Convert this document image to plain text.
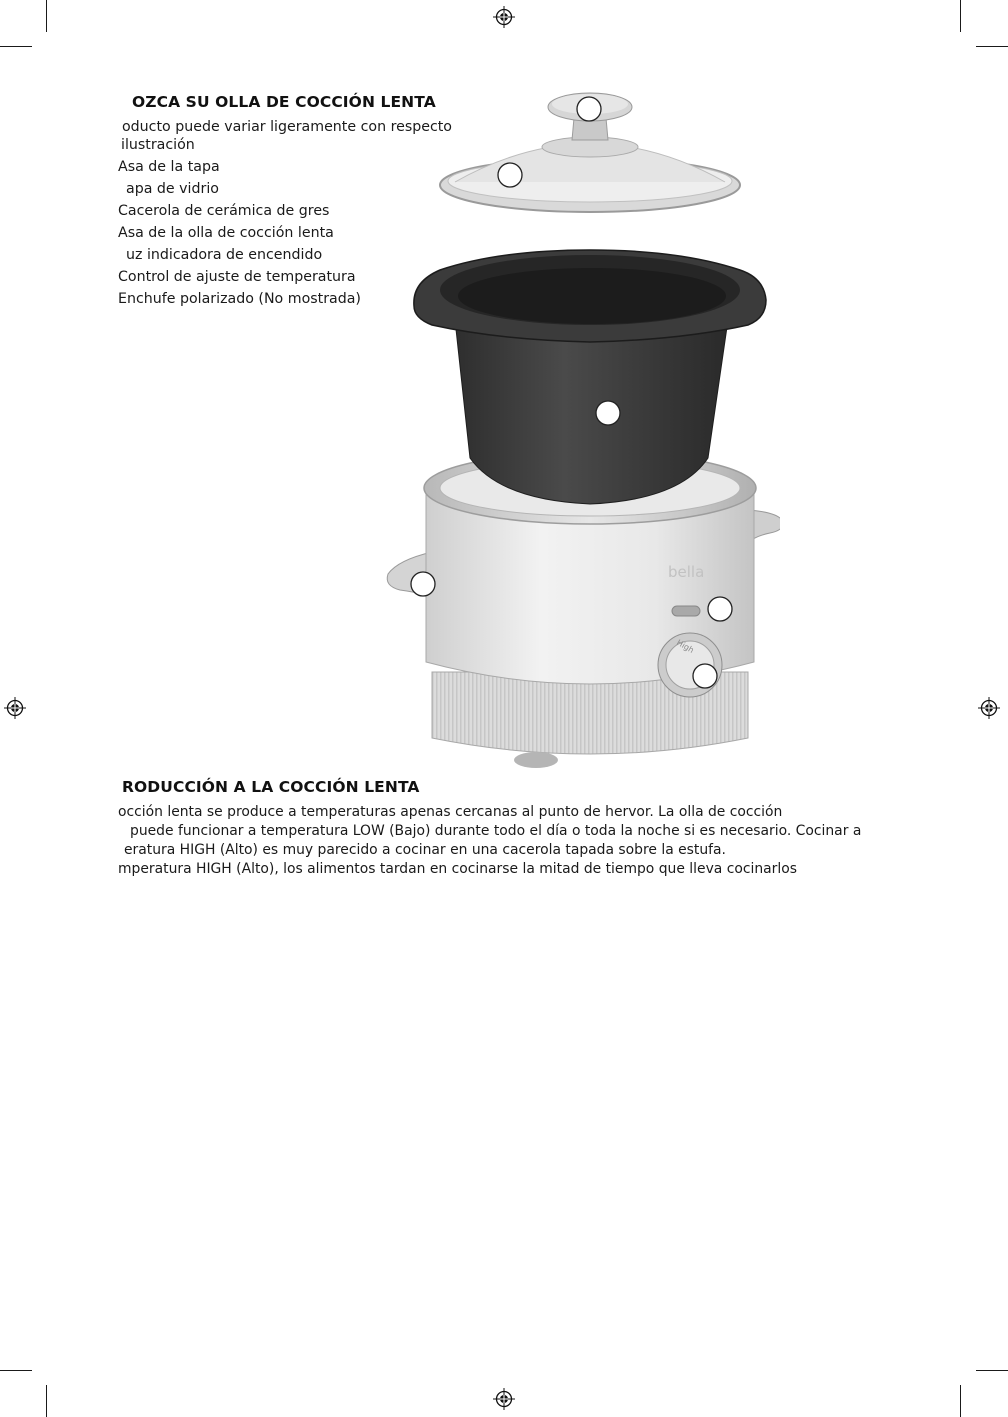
OZCA SU OLLA DE COCCIÓN LENTA
oducto puede variar ligeramente con respecto
ilustración
Asa de la tapa
apa de vidrio
Cacerola de cerámica de gres
Asa de la olla de cocción lenta
uz indicadora de encendido
Control de ajuste de temperatura
Enchufe polarizado (No mostrada)
High
bella
RODUCCIÓN A LA COCCIÓN LENTA
occión lenta se produce a temperaturas apenas cercanas al punto de hervor. La olla de cocción
puede funcionar a temperatura LOW (Bajo) durante todo el día o toda la noche si es necesario. Cocinar a
eratura HIGH (Alto) es muy parecido a cocinar en una cacerola tapada sobre la estufa.
mperatura HIGH (Alto), los alimentos tardan en cocinarse la mitad de tiempo que lleva cocinarlos
